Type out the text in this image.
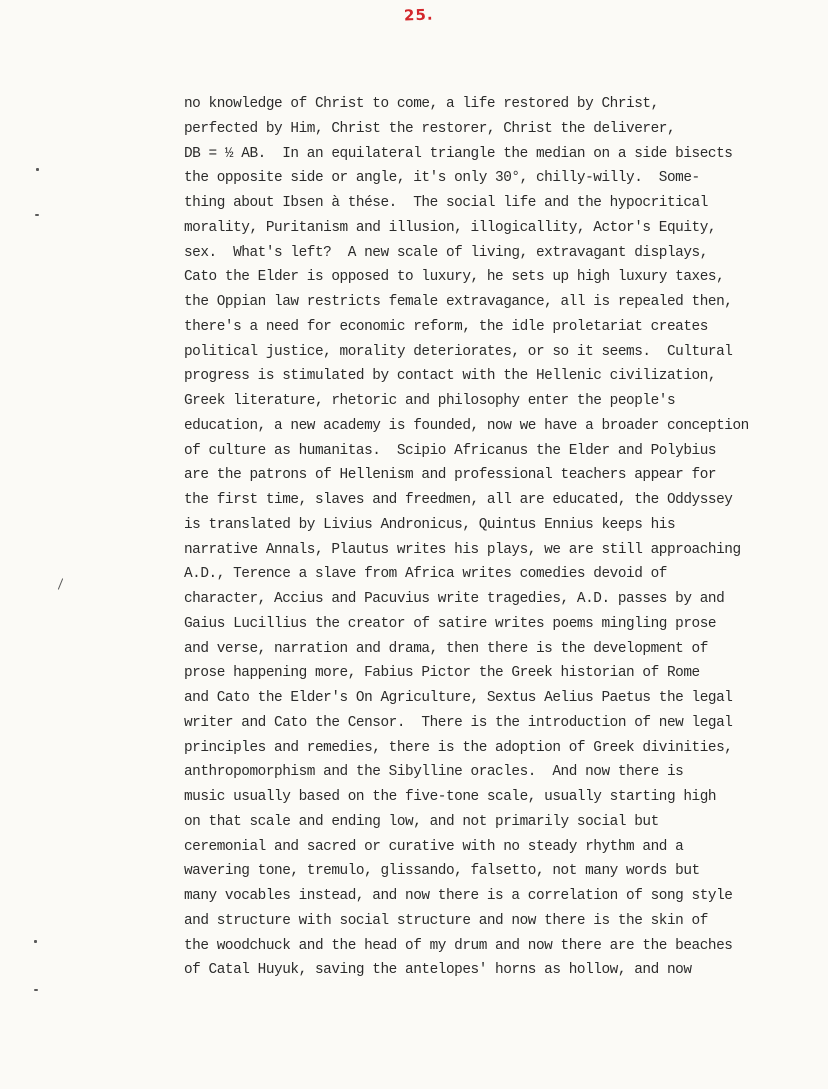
25.
no knowledge of Christ to come, a life restored by Christ,
perfected by Him, Christ the restorer, Christ the deliverer,
DB = ½ AB.  In an equilateral triangle the median on a side bisects
the opposite side or angle, it's only 30°, chilly-willy.  Some-
thing about Ibsen à thése.  The social life and the hypocritical
morality, Puritanism and illusion, illogicallity, Actor's Equity,
sex.  What's left?  A new scale of living, extravagant displays,
Cato the Elder is opposed to luxury, he sets up high luxury taxes,
the Oppian law restricts female extravagance, all is repealed then,
there's a need for economic reform, the idle proletariat creates
political justice, morality deteriorates, or so it seems.  Cultural
progress is stimulated by contact with the Hellenic civilization,
Greek literature, rhetoric and philosophy enter the people's
education, a new academy is founded, now we have a broader conception
of culture as humanitas.  Scipio Africanus the Elder and Polybius
are the patrons of Hellenism and professional teachers appear for
the first time, slaves and freedmen, all are educated, the Oddyssey
is translated by Livius Andronicus, Quintus Ennius keeps his
narrative Annals, Plautus writes his plays, we are still approaching
A.D., Terence a slave from Africa writes comedies devoid of
character, Accius and Pacuvius write tragedies, A.D. passes by and
Gaius Lucillius the creator of satire writes poems mingling prose
and verse, narration and drama, then there is the development of
prose happening more, Fabius Pictor the Greek historian of Rome
and Cato the Elder's On Agriculture, Sextus Aelius Paetus the legal
writer and Cato the Censor.  There is the introduction of new legal
principles and remedies, there is the adoption of Greek divinities,
anthropomorphism and the Sibylline oracles.  And now there is
music usually based on the five-tone scale, usually starting high
on that scale and ending low, and not primarily social but
ceremonial and sacred or curative with no steady rhythm and a
wavering tone, tremulo, glissando, falsetto, not many words but
many vocables instead, and now there is a correlation of song style
and structure with social structure and now there is the skin of
the woodchuck and the head of my drum and now there are the beaches
of Catal Huyuk, saving the antelopes' horns as hollow, and now
